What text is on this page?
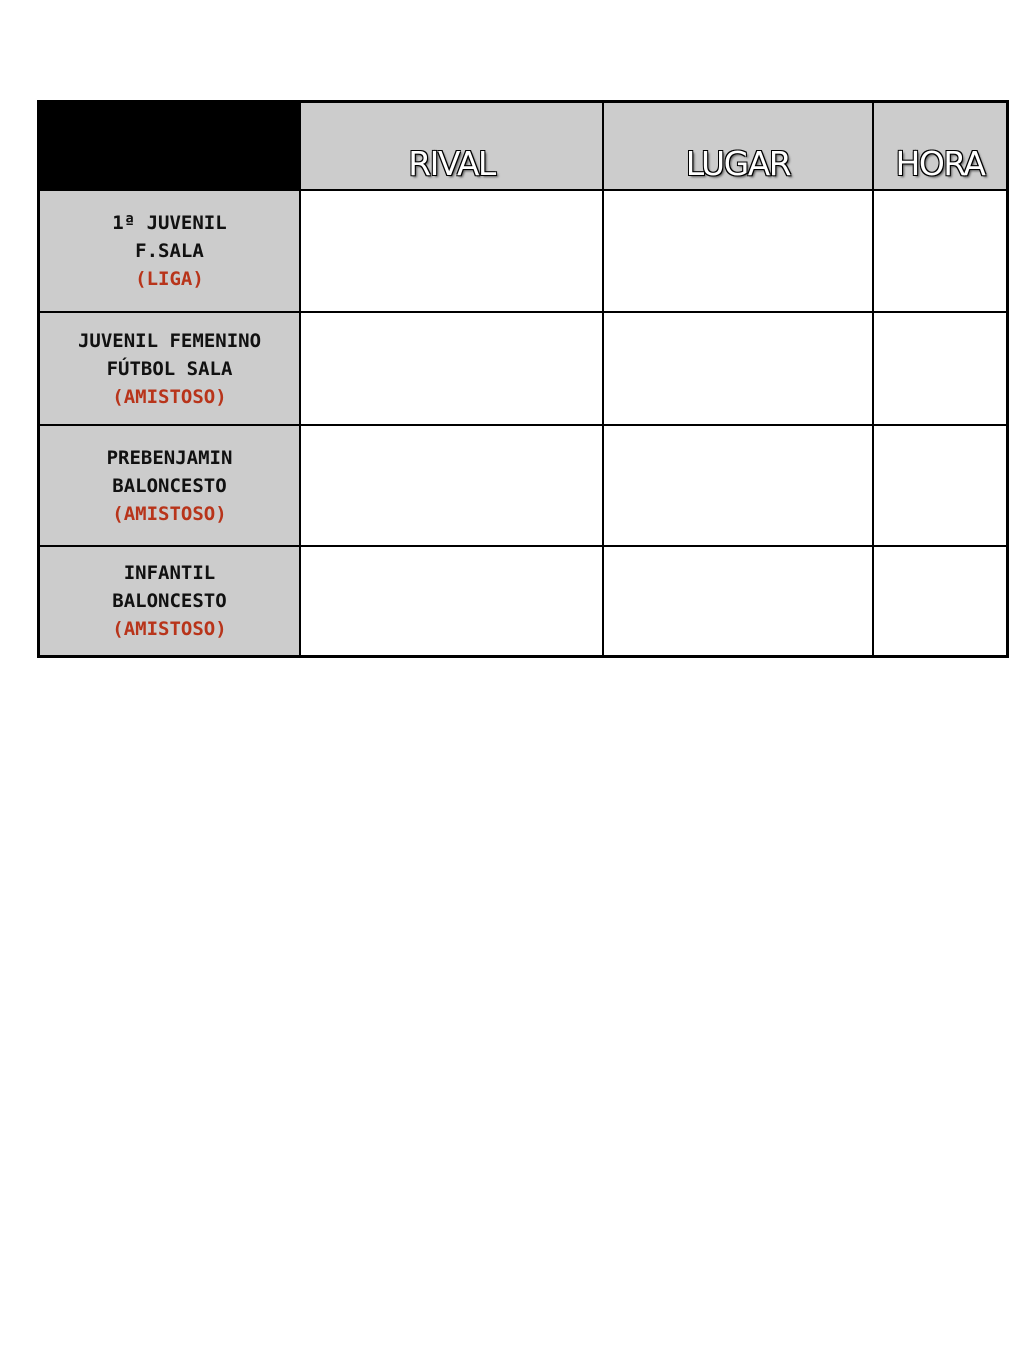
RIVAL	LUGAR	HORA
1ª JUVENIL
F.SALA
(LIGA)
JUVENIL FEMENINO
FÚTBOL SALA
(AMISTOSO)
PREBENJAMIN
BALONCESTO
(AMISTOSO)
INFANTIL
BALONCESTO
(AMISTOSO)
